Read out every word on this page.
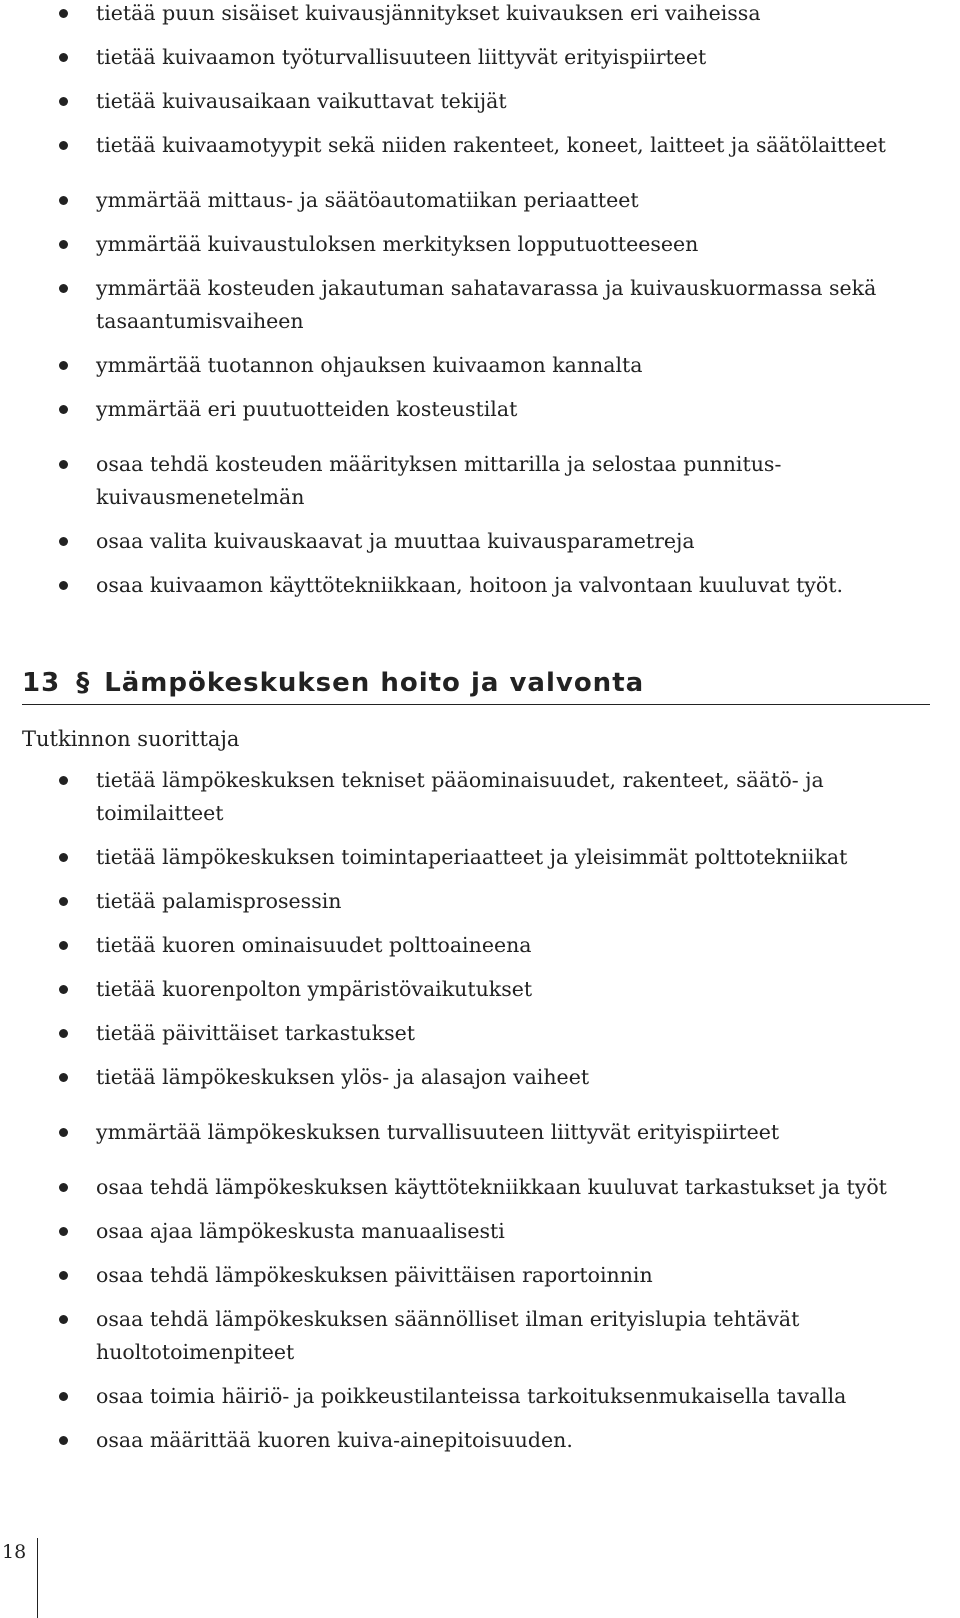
tietää puun sisäiset kuivausjännitykset kuivauksen eri vaiheissa
tietää kuivaamon työturvallisuuteen liittyvät erityispiirteet
tietää kuivausaikaan vaikuttavat tekijät
tietää kuivaamotyypit sekä niiden rakenteet, koneet, laitteet ja säätölaitteet
ymmärtää mittaus- ja säätöautomatiikan periaatteet
ymmärtää kuivaustuloksen merkityksen lopputuotteeseen
ymmärtää kosteuden jakautuman sahatavarassa ja kuivauskuormassa sekä tasaantumisvaiheen
ymmärtää tuotannon ohjauksen kuivaamon kannalta
ymmärtää eri puutuotteiden kosteustilat
osaa tehdä kosteuden määrityksen mittarilla ja selostaa punnitus-kuivausmenetelmän
osaa valita kuivauskaavat ja muuttaa kuivausparametreja
osaa kuivaamon käyttötekniikkaan, hoitoon ja valvontaan kuuluvat työt.
13 § Lämpökeskuksen hoito ja valvonta
Tutkinnon suorittaja
tietää lämpökeskuksen tekniset pääominaisuudet, rakenteet, säätö- ja toimilaitteet
tietää lämpökeskuksen toimintaperiaatteet ja yleisimmät polttotekniikat
tietää palamisprosessin
tietää kuoren ominaisuudet polttoaineena
tietää kuorenpolton ympäristövaikutukset
tietää päivittäiset tarkastukset
tietää lämpökeskuksen ylös- ja alasajon vaiheet
ymmärtää lämpökeskuksen turvallisuuteen liittyvät erityispiirteet
osaa tehdä lämpökeskuksen käyttötekniikkaan kuuluvat tarkastukset ja työt
osaa ajaa lämpökeskusta manuaalisesti
osaa tehdä lämpökeskuksen päivittäisen raportoinnin
osaa tehdä lämpökeskuksen säännölliset ilman erityislupia tehtävät huoltotoimenpiteet
osaa toimia häiriö- ja poikkeustilanteissa tarkoituksenmukaisella tavalla
osaa määrittää kuoren kuiva-ainepitoisuuden.
18
